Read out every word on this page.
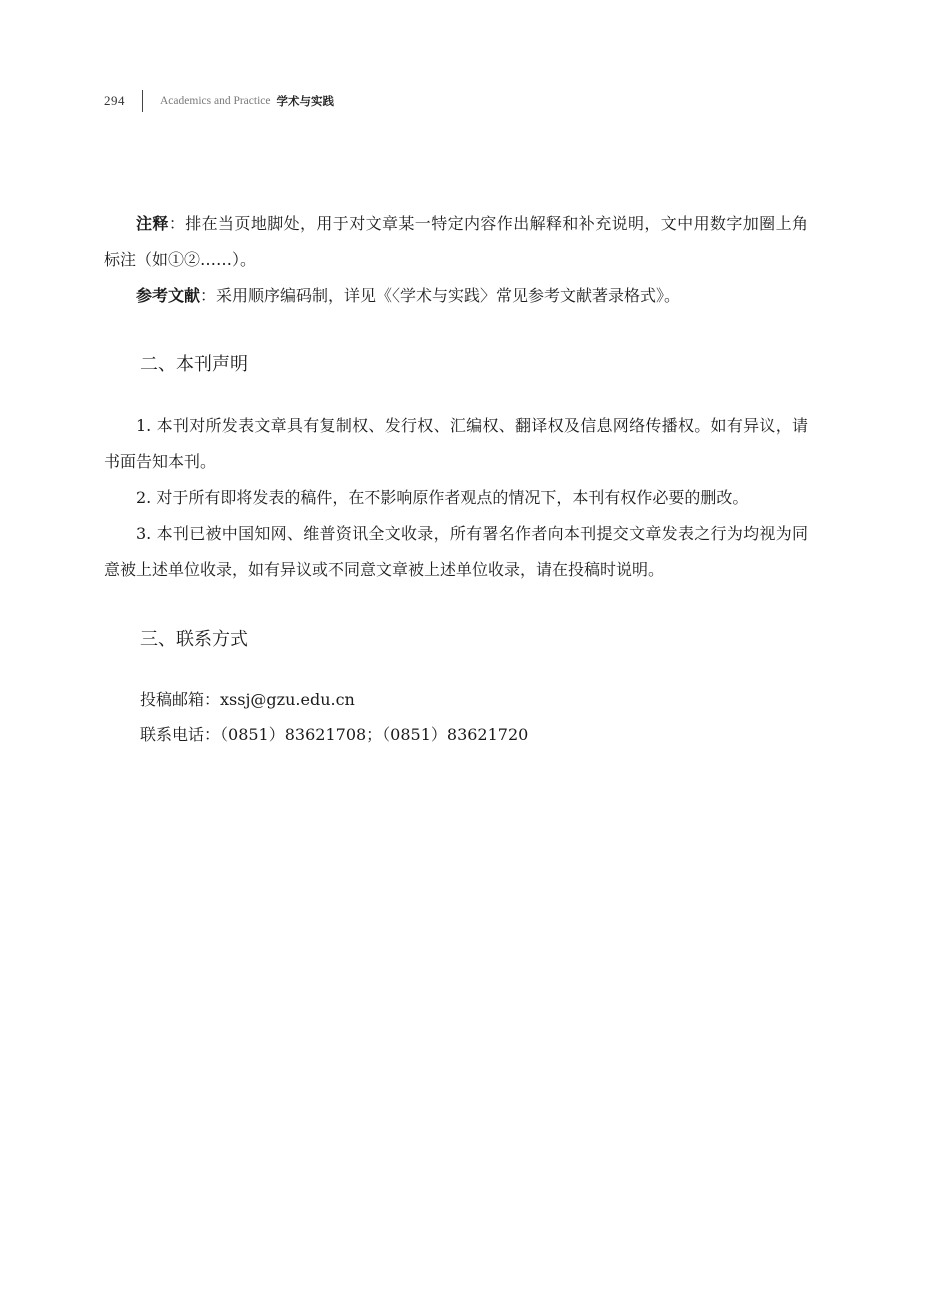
294	Academics and Practice 学术与实践

注释：排在当页地脚处，用于对文章某一特定内容作出解释和补充说明，文中用数字加圈上角标注（如①②……）。

参考文献：采用顺序编码制，详见《〈学术与实践〉常见参考文献著录格式》。

二、本刊声明

1. 本刊对所发表文章具有复制权、发行权、汇编权、翻译权及信息网络传播权。如有异议，请书面告知本刊。

2. 对于所有即将发表的稿件，在不影响原作者观点的情况下，本刊有权作必要的删改。

3. 本刊已被中国知网、维普资讯全文收录，所有署名作者向本刊提交文章发表之行为均视为同意被上述单位收录，如有异议或不同意文章被上述单位收录，请在投稿时说明。

三、联系方式

投稿邮箱：xssj@gzu.edu.cn

联系电话：（0851）83621708；（0851）83621720
